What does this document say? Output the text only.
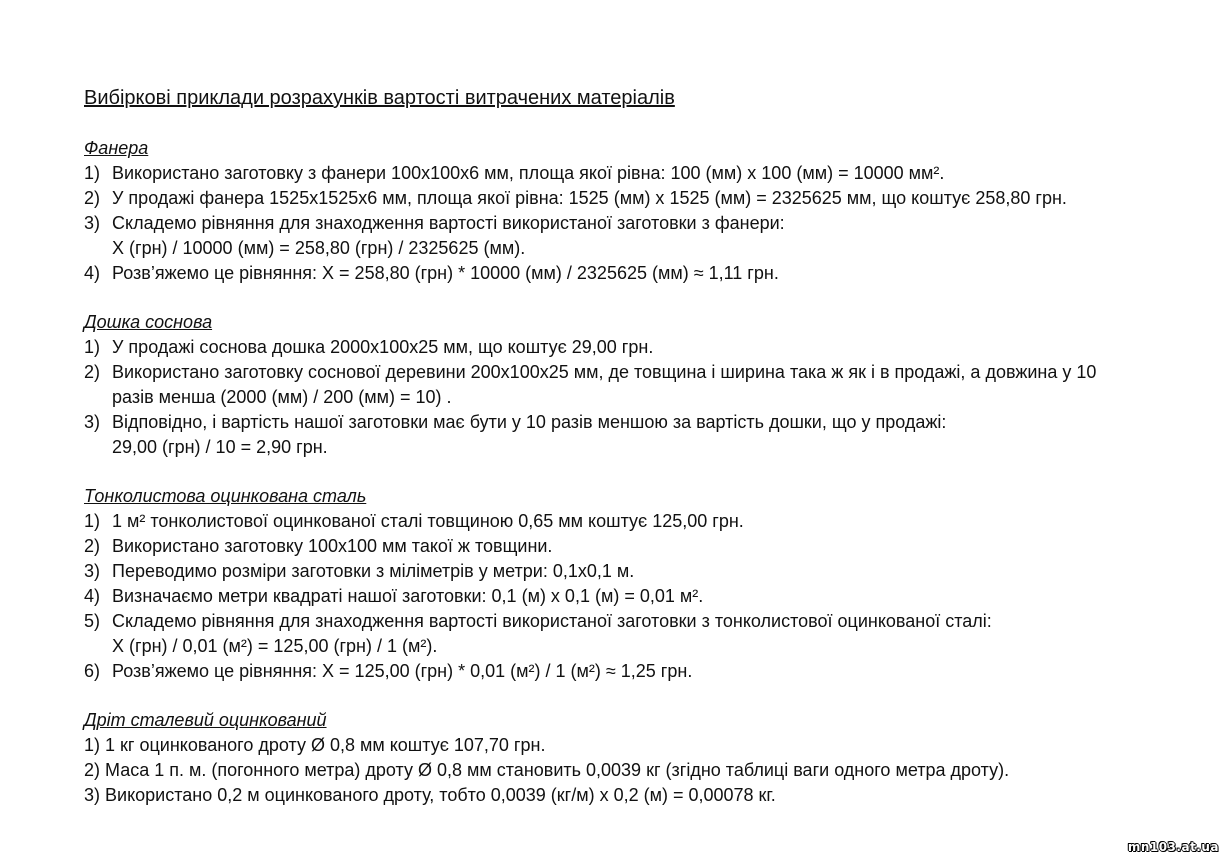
Вибіркові приклади розрахунків вартості витрачених матеріалів
Фанера
1) Використано заготовку з фанери 100х100х6 мм, площа якої рівна: 100 (мм) х 100 (мм) = 10000 мм².
2) У продажі фанера 1525х1525х6 мм, площа якої рівна: 1525 (мм) х 1525 (мм) = 2325625 мм, що коштує 258,80 грн.
3) Складемо рівняння для знаходження вартості використаної заготовки з фанери:
Х (грн) / 10000 (мм) = 258,80 (грн) / 2325625 (мм).
4) Розв’яжемо це рівняння: Х = 258,80 (грн) * 10000 (мм) / 2325625 (мм) ≈ 1,11 грн.
Дошка соснова
1) У продажі соснова дошка 2000х100х25 мм, що коштує 29,00 грн.
2) Використано заготовку соснової деревини 200х100х25 мм, де товщина і ширина така ж як і в продажі, а довжина у 10
разів менша (2000 (мм) / 200 (мм) = 10) .
3) Відповідно, і вартість нашої заготовки має бути у 10 разів меншою за вартість дошки, що у продажі:
29,00 (грн) / 10 = 2,90 грн.
Тонколистова оцинкована сталь
1) 1 м² тонколистової оцинкованої сталі товщиною 0,65 мм коштує 125,00 грн.
2) Використано заготовку 100х100 мм такої ж товщини.
3) Переводимо розміри заготовки з міліметрів у метри: 0,1х0,1 м.
4) Визначаємо метри квадраті нашої заготовки: 0,1 (м) х 0,1 (м) = 0,01 м².
5) Складемо рівняння для знаходження вартості використаної заготовки з тонколистової оцинкованої сталі:
Х (грн) / 0,01 (м²) = 125,00 (грн) / 1 (м²).
6) Розв’яжемо це рівняння: Х = 125,00 (грн) * 0,01 (м²) / 1 (м²) ≈ 1,25 грн.
Дріт сталевий оцинкований
1) 1 кг оцинкованого дроту Ø 0,8 мм коштує 107,70 грн.
2) Маса 1 п. м. (погонного метра) дроту Ø 0,8 мм становить 0,0039 кг (згідно таблиці ваги одного метра дроту).
3) Використано 0,2 м оцинкованого дроту, тобто 0,0039 (кг/м) х 0,2 (м) = 0,00078 кг.
mn103.at.ua
